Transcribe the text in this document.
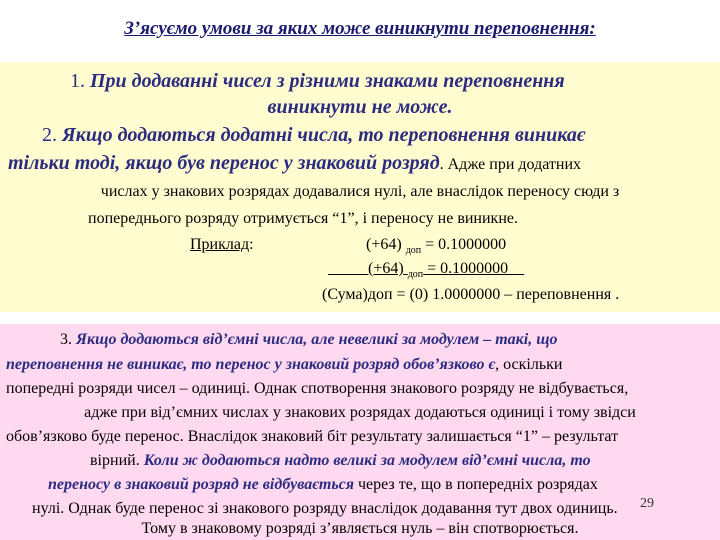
З’ясуємо умови за яких може виникнути переповнення:
1. При додаванні чисел з різними знаками переповнення
виникнути не може.
2. Якщо додаються додатні числа, то переповнення виникає
тільки тоді, якщо був перенос у знаковий розряд. Адже при додатних
числах у знакових розрядах додавалися нулі, але внаслідок переносу сюди з
попереднього розряду отримується “1”, і переносу не виникне.
Приклад:	(+64) $_{доп}$ = 0.1000000
(+64) $_{доп}$ = 0.1000000
(Сума)доп = (0) 1.0000000 – переповнення .
3. Якщо додаються від’ємні числа, але невеликі за модулем – такі, що
переповнення не виникає, то перенос у знаковий розряд обов’язково є, оскільки
попередні розряди чисел – одиниці. Однак спотворення знакового розряду не відбувається,
адже при від’ємних числах у знакових розрядах додаються одиниці і тому звідси
обов’язково буде перенос. Внаслідок знаковий біт результату залишається “1” – результат
вірний. Коли ж додаються надто великі за модулем від’ємні числа, то
переносу в знаковий розряд не відбувається через те, що в попередніх розрядах
нулі. Однак буде перенос зі знакового розряду внаслідок додавання тут двох одиниць.
Тому в знаковому розряді з’являється нуль – він спотворюється.
29
